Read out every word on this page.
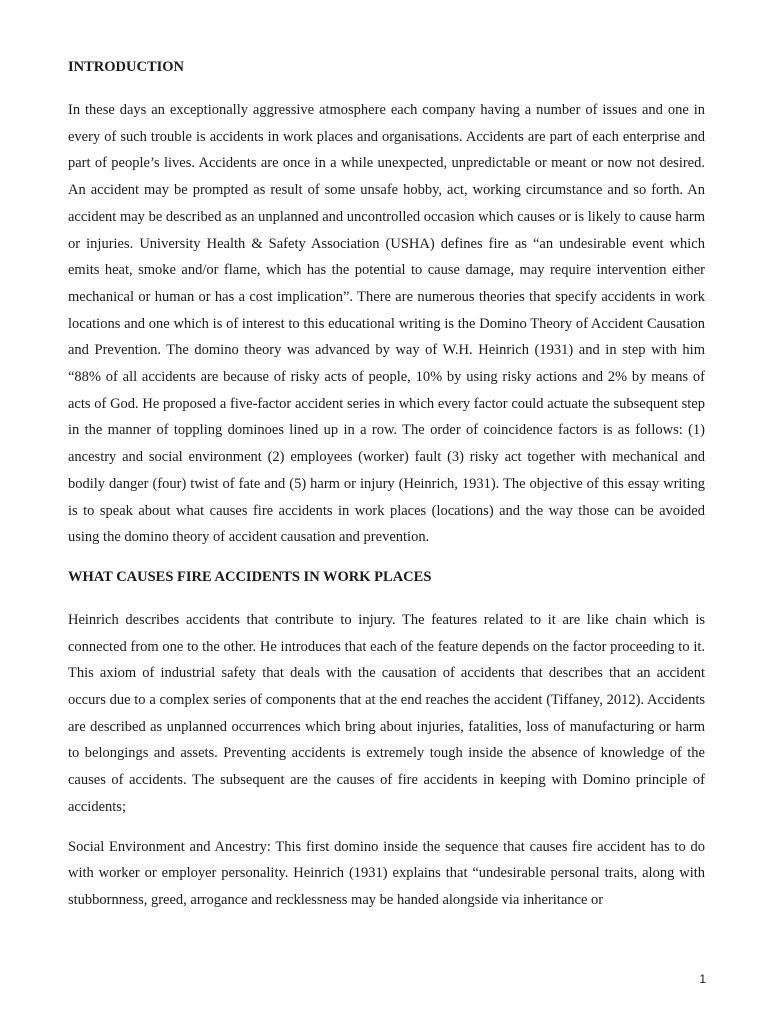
INTRODUCTION

In these days an exceptionally aggressive atmosphere each company having a number of issues and one in every of such trouble is accidents in work places and organisations. Accidents are part of each enterprise and part of people’s lives. Accidents are once in a while unexpected, unpredictable or meant or now not desired. An accident may be prompted as result of some unsafe hobby, act, working circumstance and so forth. An accident may be described as an unplanned and uncontrolled occasion which causes or is likely to cause harm or injuries. University Health & Safety Association (USHA) defines fire as “an undesirable event which emits heat, smoke and/or flame, which has the potential to cause damage, may require intervention either mechanical or human or has a cost implication”. There are numerous theories that specify accidents in work locations and one which is of interest to this educational writing is the Domino Theory of Accident Causation and Prevention. The domino theory was advanced by way of W.H. Heinrich (1931) and in step with him “88% of all accidents are because of risky acts of people, 10% by using risky actions and 2% by means of acts of God. He proposed a five-factor accident series in which every factor could actuate the subsequent step in the manner of toppling dominoes lined up in a row. The order of coincidence factors is as follows: (1) ancestry and social environment (2) employees (worker) fault (3) risky act together with mechanical and bodily danger (four) twist of fate and (5) harm or injury (Heinrich, 1931). The objective of this essay writing is to speak about what causes fire accidents in work places (locations) and the way those can be avoided using the domino theory of accident causation and prevention.

WHAT CAUSES FIRE ACCIDENTS IN WORK PLACES

Heinrich describes accidents that contribute to injury. The features related to it are like chain which is connected from one to the other. He introduces that each of the feature depends on the factor proceeding to it. This axiom of industrial safety that deals with the causation of accidents that describes that an accident occurs due to a complex series of components that at the end reaches the accident (Tiffaney, 2012). Accidents are described as unplanned occurrences which bring about injuries, fatalities, loss of manufacturing or harm to belongings and assets. Preventing accidents is extremely tough inside the absence of knowledge of the causes of accidents. The subsequent are the causes of fire accidents in keeping with Domino principle of accidents;

Social Environment and Ancestry: This first domino inside the sequence that causes fire accident has to do with worker or employer personality. Heinrich (1931) explains that “undesirable personal traits, along with stubbornness, greed, arrogance and recklessness may be handed alongside via inheritance or

1
